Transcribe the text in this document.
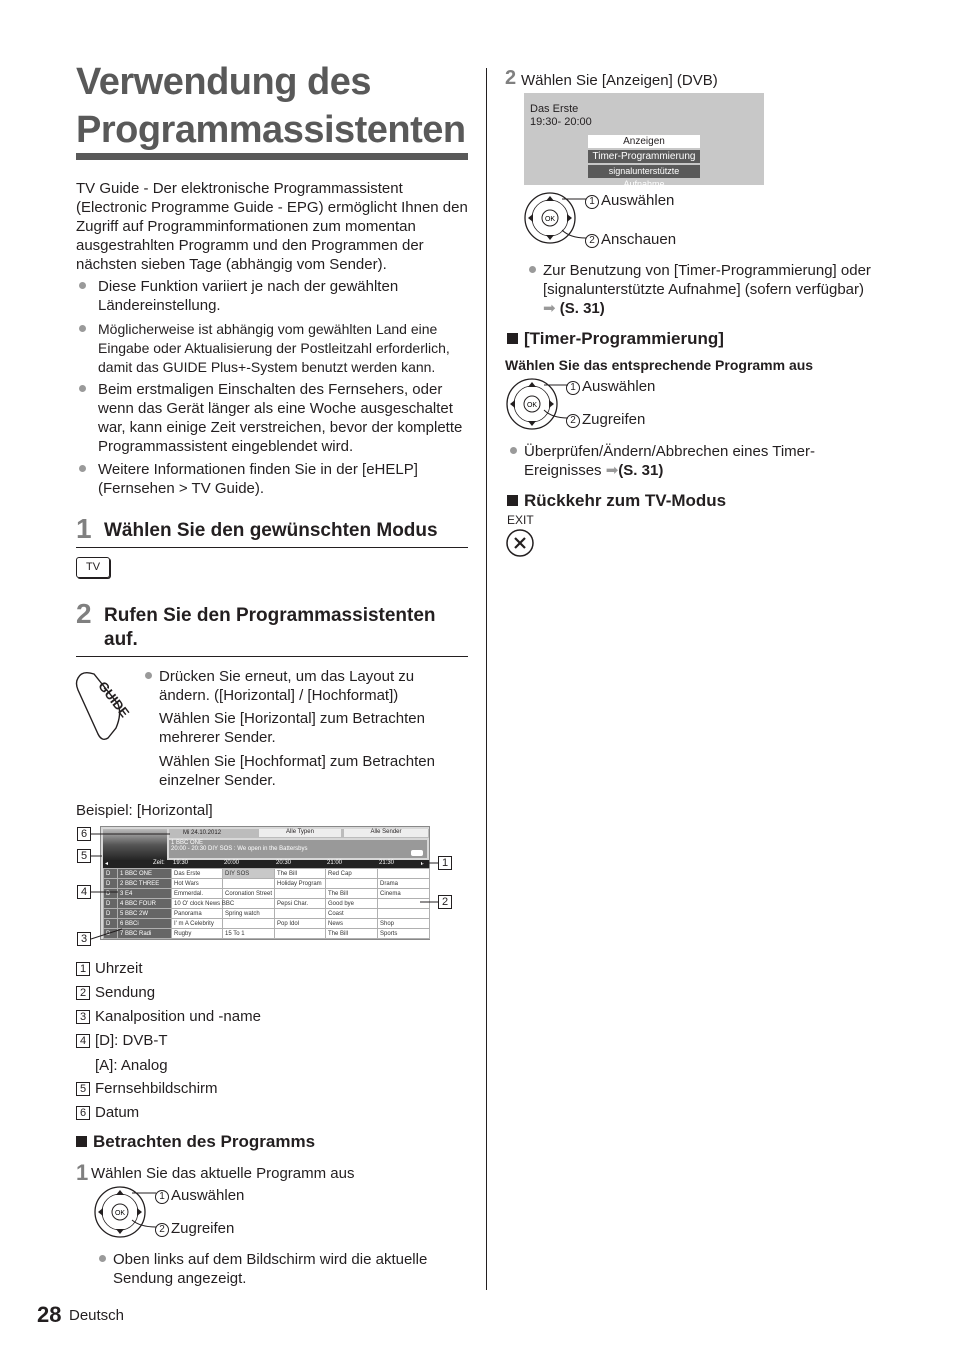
Verwendung des
Programmassistenten
TV Guide - Der elektronische Programmassistent (Electronic Programme Guide - EPG) ermöglicht Ihnen den Zugriff auf Programminformationen zum momentan ausgestrahlten Programm und den Programmen der nächsten sieben Tage (abhängig vom Sender).
Diese Funktion variiert je nach der gewählten Ländereinstellung.
Möglicherweise ist abhängig vom gewählten Land eine Eingabe oder Aktualisierung der Postleitzahl erforderlich, damit das GUIDE Plus+-System benutzt werden kann.
Beim erstmaligen Einschalten des Fernsehers, oder wenn das Gerät länger als eine Woche ausgeschaltet war, kann einige Zeit verstreichen, bevor der komplette Programmassistent eingeblendet wird.
Weitere Informationen finden Sie in der [eHELP] (Fernsehen > TV Guide).
1 Wählen Sie den gewünschten Modus
TV
2 Rufen Sie den Programmassistenten auf.
GUIDE
Drücken Sie erneut, um das Layout zu ändern. ([Horizontal] / [Hochformat])
Wählen Sie [Horizontal] zum Betrachten mehrerer Sender.
Wählen Sie [Hochformat] zum Betrachten einzelner Sender.
Beispiel: [Horizontal]
Mi 24.10.2012	Alle Typen	Alle Sender
1 BBC ONE
20:00 - 20:30 DIY SOS : We open in the Battersbys
◂	Zeit: 19:30	20:00	20:30	21:00	21:30	▸
D	1 BBC ONE	Das Erste	DIY SOS	The Bill	Red Cap	
D	2 BBC THREE	Hot Wars		Holiday Program		Drama
D	3 E4	Emmerdal.	Coronation Street		The Bill	Cinema
D	4 BBC FOUR	10 O' clock News BBC		Pepsi Char.	Good bye	
D	5 BBC 2W	Panorama	Spring watch		Coast	
D	6 BBCi	I' m A Celebrity		Pop Idol	News	Shop
D	7 BBC Radi	Rugby	15 To 1		The Bill	Sports
6
5
4
3
1
2
1 Uhrzeit
2 Sendung
3 Kanalposition und -name
4 [D]: DVB-T
[A]: Analog
5 Fernsehbildschirm
6 Datum
Betrachten des Programms
1 Wählen Sie das aktuelle Programm aus
OK
1 Auswählen
2 Zugreifen
Oben links auf dem Bildschirm wird die aktuelle Sendung angezeigt.
2 Wählen Sie [Anzeigen] (DVB)
Das Erste
19:30- 20:00
Anzeigen
Timer-Programmierung
signalunterstützte Aufnahme
OK
1 Auswählen
2 Anschauen
Zur Benutzung von [Timer-Programmierung] oder [signalunterstützte Aufnahme] (sofern verfügbar)
➡ (S. 31)
[Timer-Programmierung]
Wählen Sie das entsprechende Programm aus
OK
1 Auswählen
2 Zugreifen
Überprüfen/Ändern/Abbrechen eines Timer-Ereignisses ➡(S. 31)
Rückkehr zum TV-Modus
EXIT
28 Deutsch
